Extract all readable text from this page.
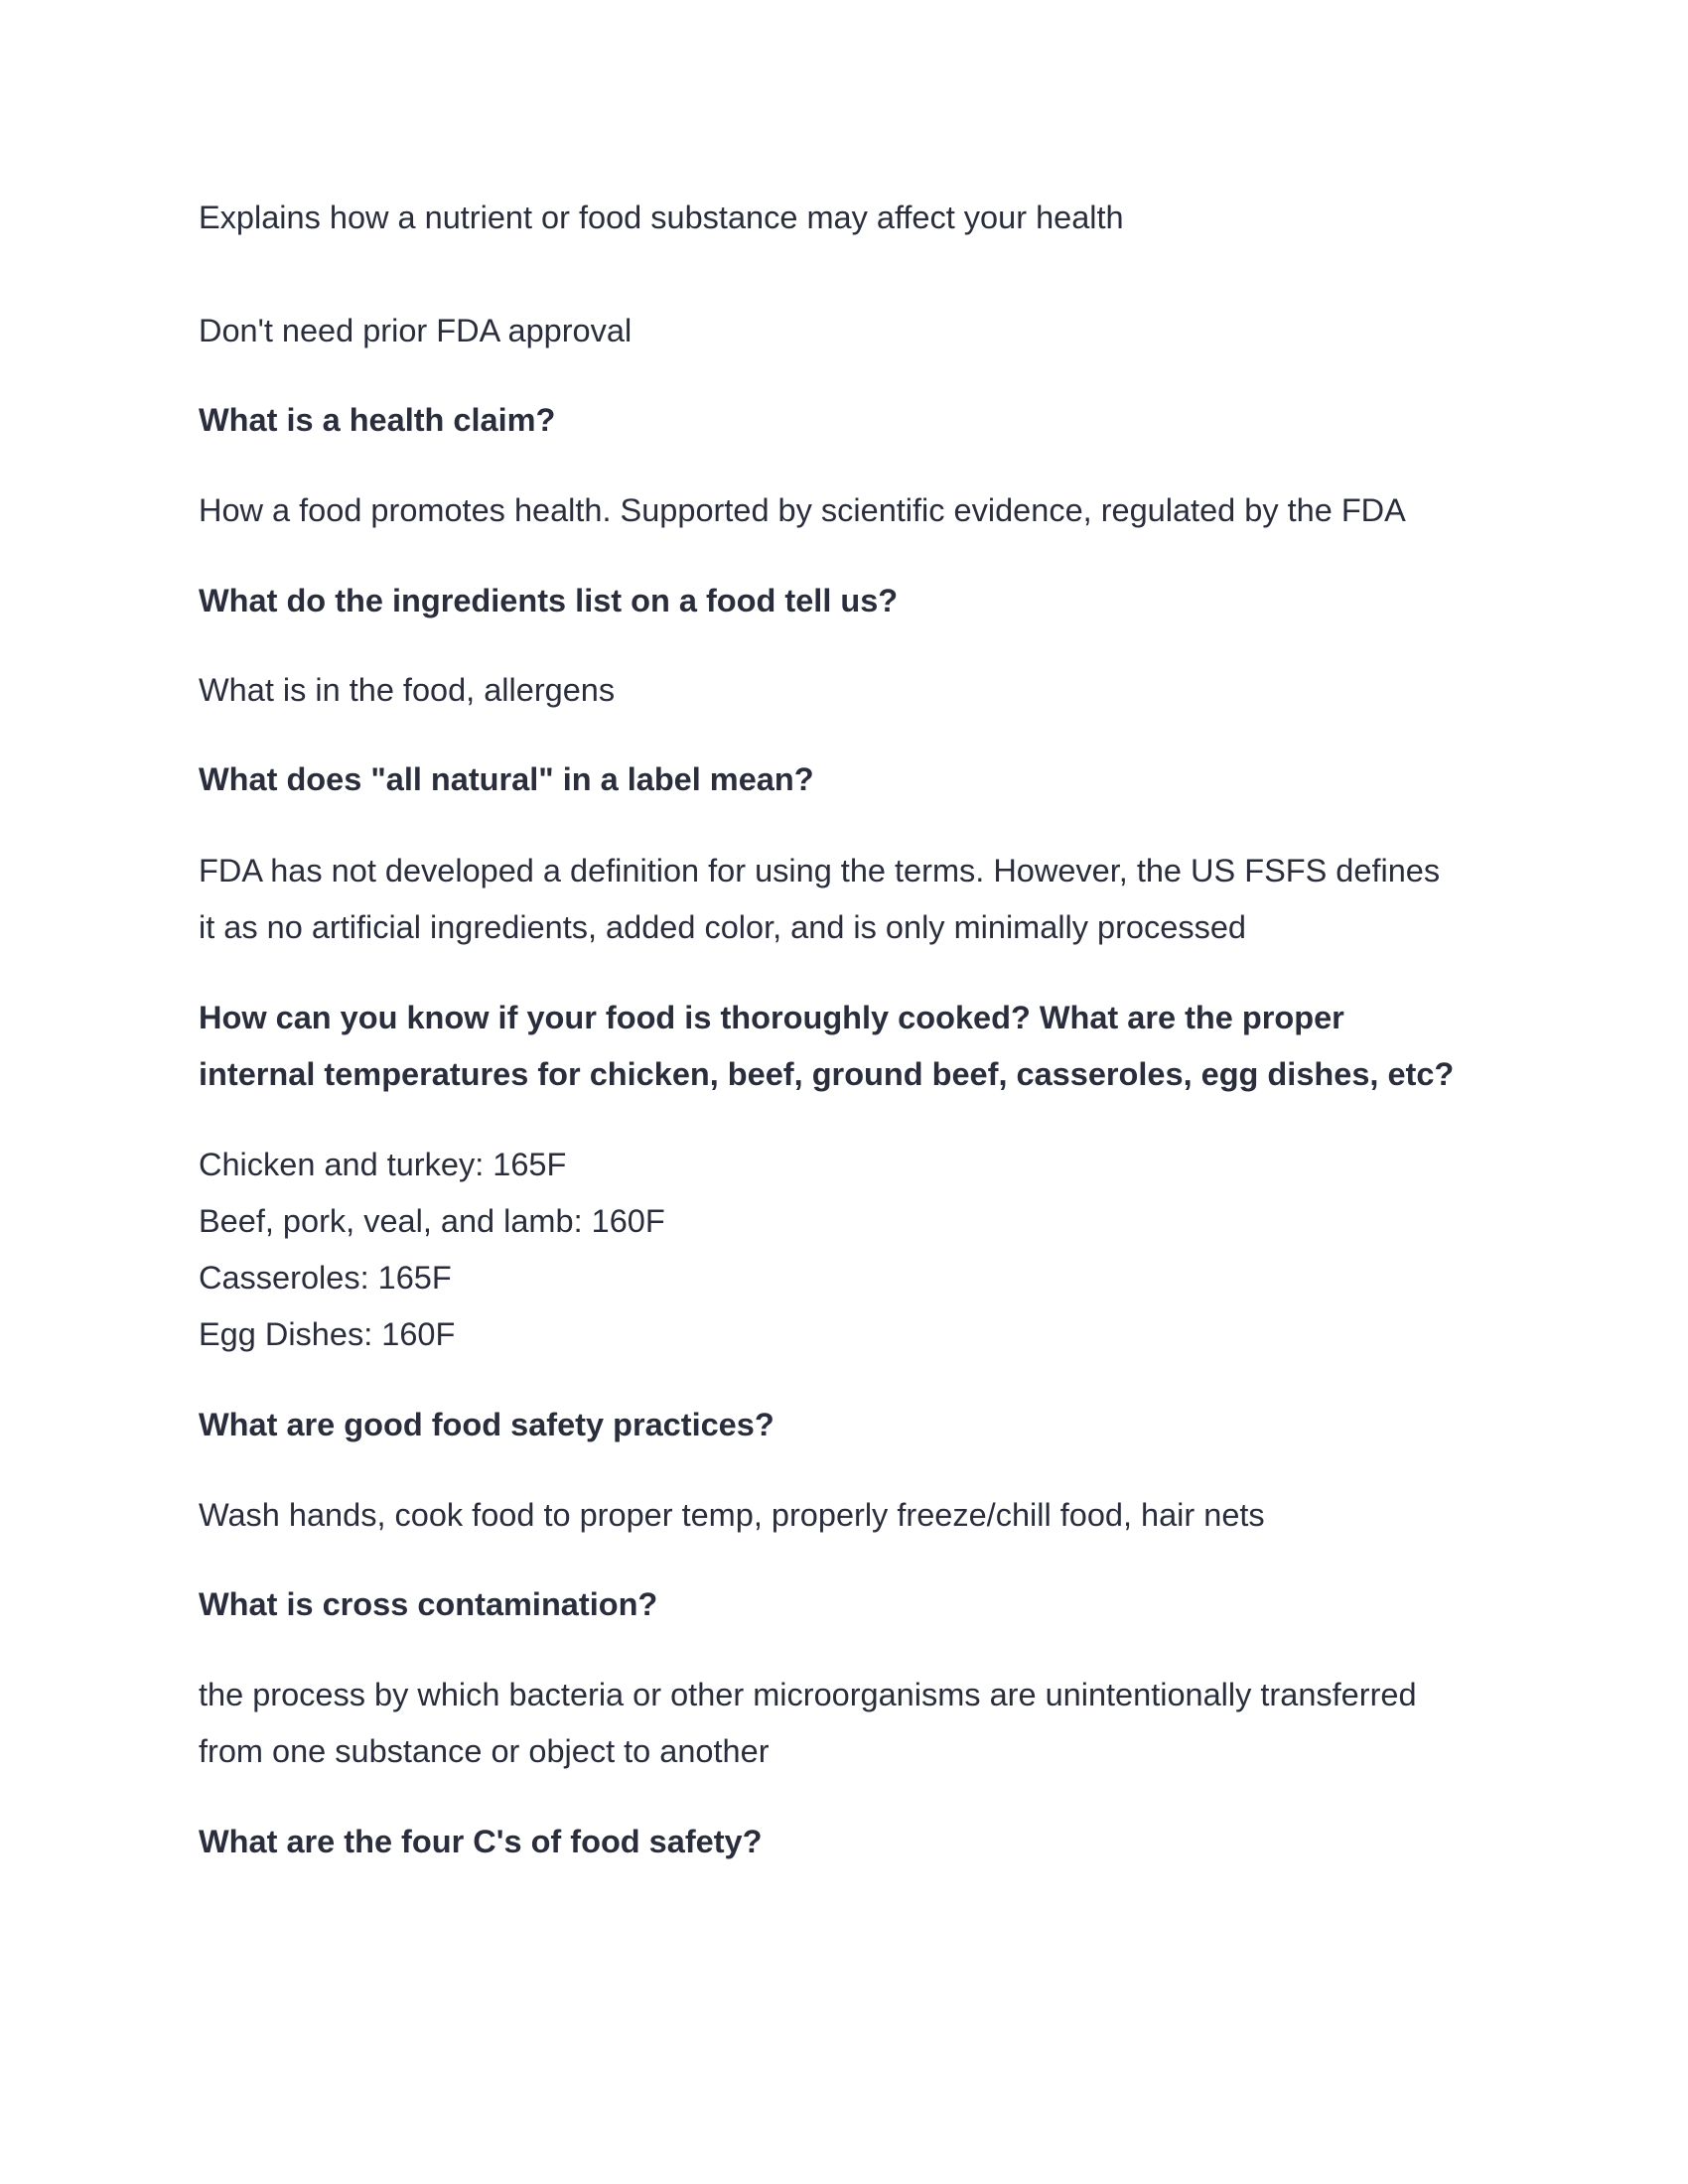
Explains how a nutrient or food substance may affect your health
Don't need prior FDA approval
What is a health claim?
How a food promotes health. Supported by scientific evidence, regulated by the FDA
What do the ingredients list on a food tell us?
What is in the food, allergens
What does "all natural" in a label mean?
FDA has not developed a definition for using the terms. However, the US FSFS defines
it as no artificial ingredients, added color, and is only minimally processed
How can you know if your food is thoroughly cooked? What are the proper
internal temperatures for chicken, beef, ground beef, casseroles, egg dishes, etc?
Chicken and turkey: 165F
Beef, pork, veal, and lamb: 160F
Casseroles: 165F
Egg Dishes: 160F
What are good food safety practices?
Wash hands, cook food to proper temp, properly freeze/chill food, hair nets
What is cross contamination?
the process by which bacteria or other microorganisms are unintentionally transferred
from one substance or object to another
What are the four C's of food safety?
